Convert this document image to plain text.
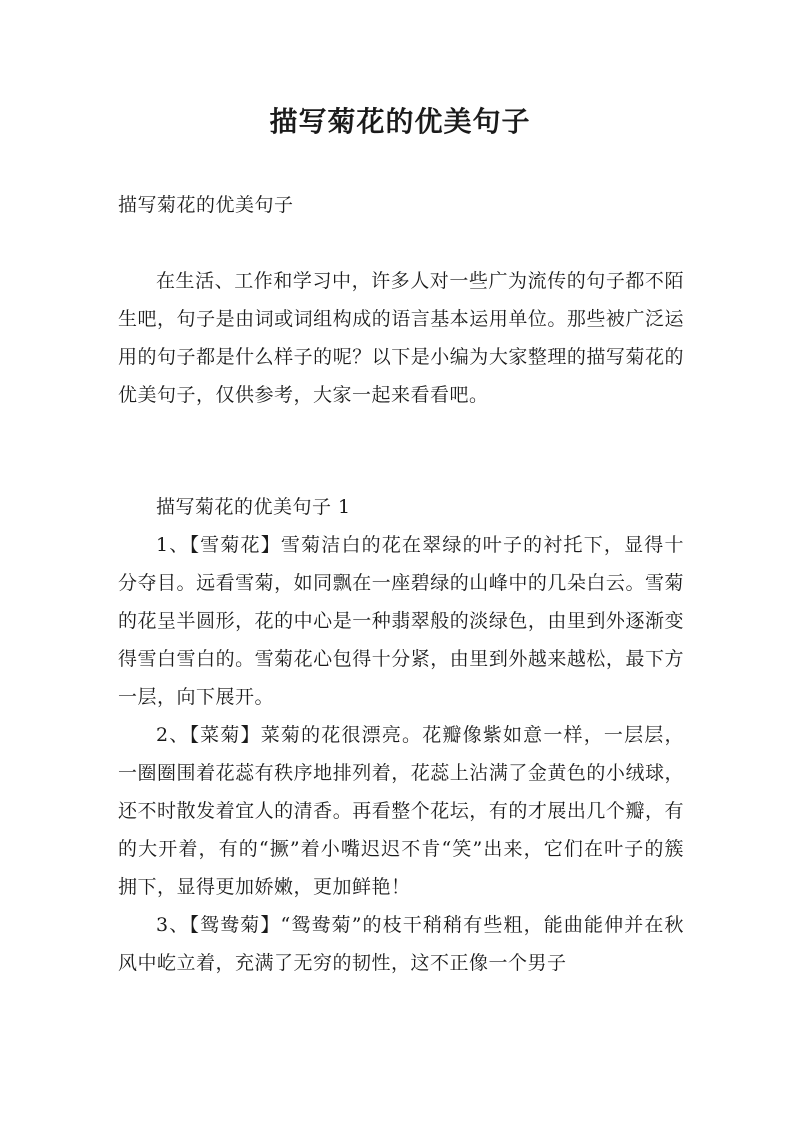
描写菊花的优美句子
描写菊花的优美句子
在生活、工作和学习中，许多人对一些广为流传的句子都不陌生吧，句子是由词或词组构成的语言基本运用单位。那些被广泛运用的句子都是什么样子的呢？以下是小编为大家整理的描写菊花的优美句子，仅供参考，大家一起来看看吧。
描写菊花的优美句子 1

1、【雪菊花】雪菊洁白的花在翠绿的叶子的衬托下，显得十分夺目。远看雪菊，如同飘在一座碧绿的山峰中的几朵白云。雪菊的花呈半圆形，花的中心是一种翡翠般的淡绿色，由里到外逐渐变得雪白雪白的。雪菊花心包得十分紧，由里到外越来越松，最下方一层，向下展开。

2、【菜菊】菜菊的花很漂亮。花瓣像紫如意一样，一层层，一圈圈围着花蕊有秩序地排列着，花蕊上沾满了金黄色的小绒球，还不时散发着宜人的清香。再看整个花坛，有的才展出几个瓣，有的大开着，有的“撅”着小嘴迟迟不肯“笑”出来，它们在叶子的簇拥下，显得更加娇嫩，更加鲜艳！

3、【鸳鸯菊】“鸳鸯菊”的枝干稍稍有些粗，能曲能伸并在秋风中屹立着，充满了无穷的韧性，这不正像一个男子
